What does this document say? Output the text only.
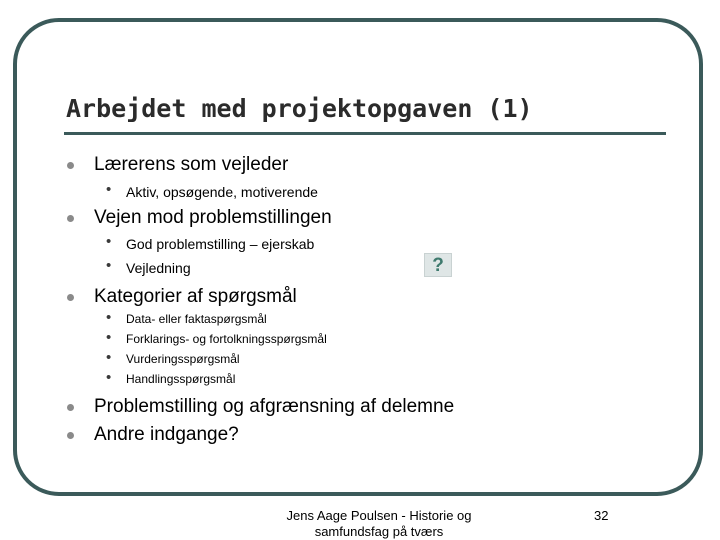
Arbejdet med projektopgaven (1)
Lærerens som vejleder
• Aktiv, opsøgende, motiverende
Vejen mod problemstillingen
• God problemstilling – ejerskab
• Vejledning	?
Kategorier af spørgsmål
• Data- eller faktaspørgsmål
• Forklarings- og fortolkningsspørgsmål
• Vurderingsspørgsmål
• Handlingsspørgsmål
Problemstilling og afgrænsning af delemne
Andre indgange?
Jens Aage Poulsen - Historie og
samfundsfag på tværs
32
